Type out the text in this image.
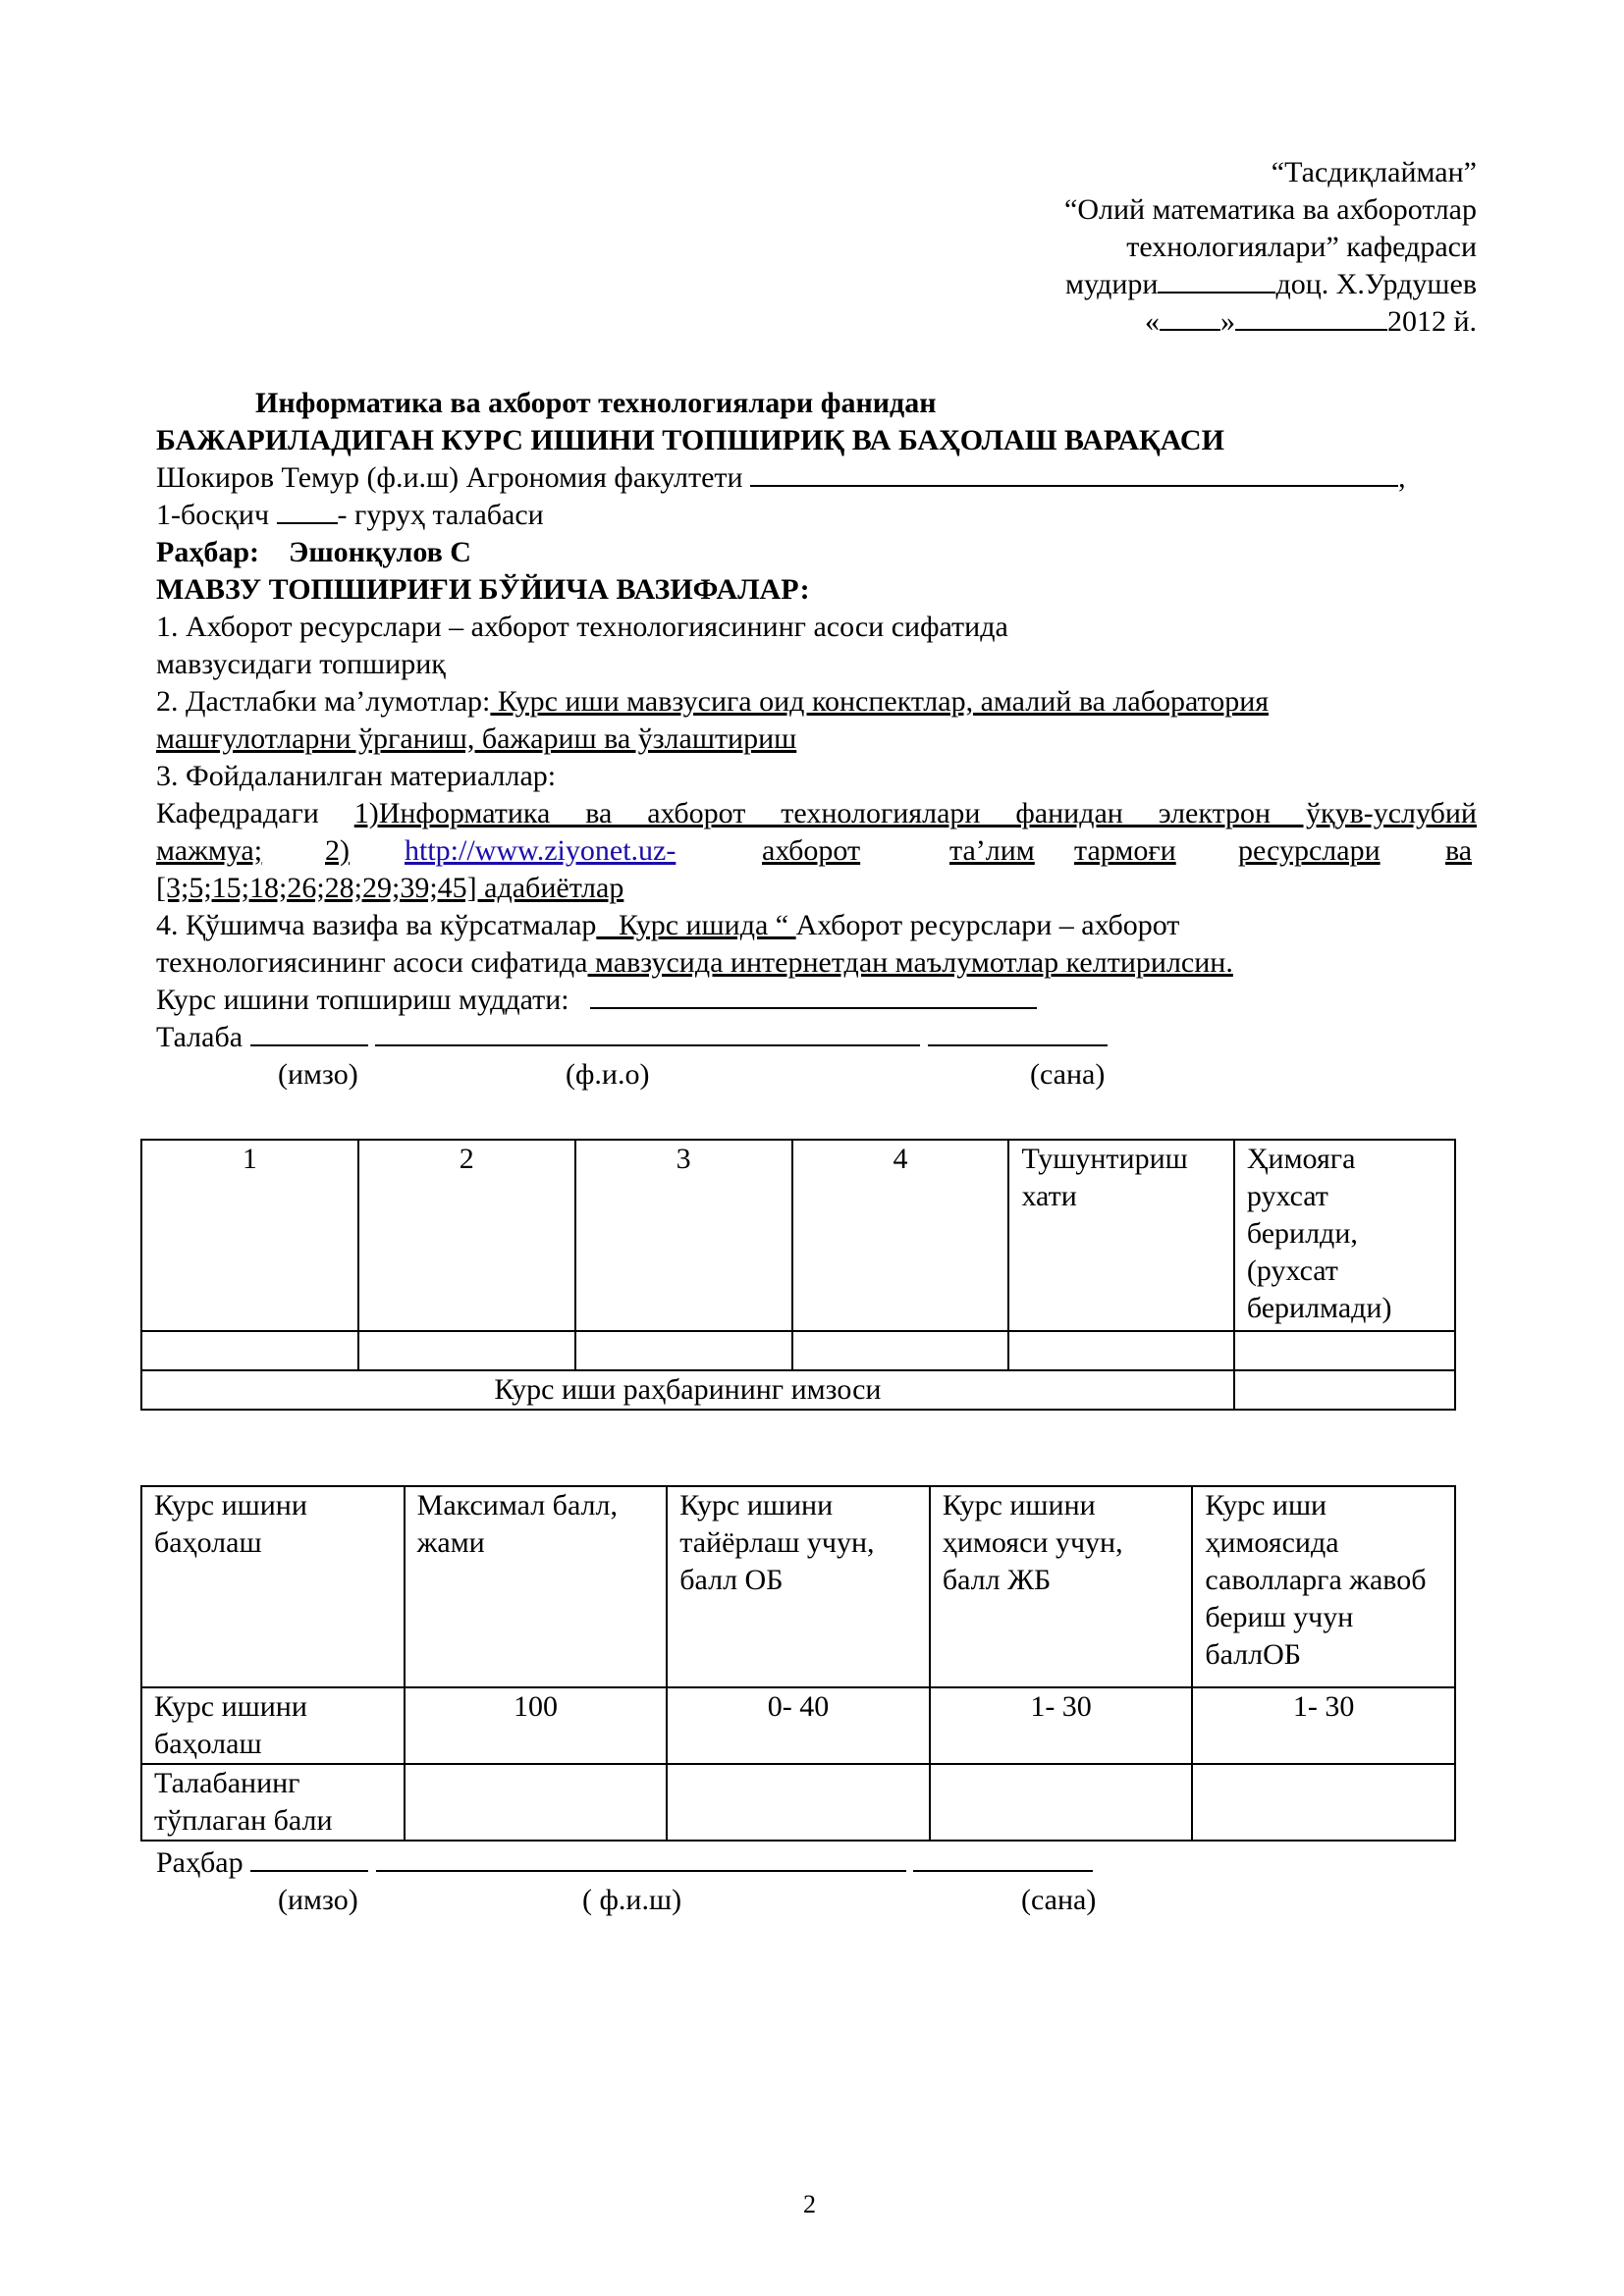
“Тасдиқлайман”
“Олий математика ва ахборотлар
технологиялари” кафедраси
мудири	доц. Х.Урдушев
« »	2012 й.
Информатика ва ахборот технологиялари фанидан
БАЖАРИЛАДИГАН КУРС ИШИНИ ТОПШИРИҚ ВА БАҲОЛАШ ВАРАҚАСИ
Шокиров Темур (ф.и.ш) Агрономия факултети	,
1-босқич - гуруҳ талабаси
Раҳбар: Эшонқулов С
МАВЗУ ТОПШИРИҒИ БЎЙИЧА ВАЗИФАЛАР:
1. Ахборот ресурслари – ахборот технологиясининг асоси сифатида
мавзусидаги топшириқ
2. Дастлабки ма’лумотлар: Курс иши мавзусига оид конспектлар, амалий ва лаборатория
машғулотларни ўрганиш, бажариш ва ўзлаштириш
3. Фойдаланилган материаллар:
Кафедрадаги 1)Информатика ва ахборот технологиялари фанидан электрон ўқув-услубий
мажмуа; 2) http://www.ziyonet.uz-	ахборот	та’лим тармоғи ресурслари ва
[3;5;15;18;26;28;29;39;45] адабиётлар
4. Қўшимча вазифа ва кўрсатмалар_ Курс ишида “ Ахборот ресурслари – ахборот
технологиясининг асоси сифатида мавзусида интернетдан маълумотлар келтирилсин.
Курс ишини топшириш муддати:
Талаба
(имзо)	(ф.и.о)	(сана)
1	2	3	4	Тушунтириш хати	Ҳимояга рухсат берилди, (рухсат берилмади)

Курс иши раҳбарининг имзоси					
Курс ишини баҳолаш	Максимал балл, жами	Курс ишини тайёрлаш учун, балл ОБ	Курс ишини ҳимояси учун, балл ЖБ	Курс иши ҳимоясида саволларга жавоб бериш учун баллОБ
Курс ишини баҳолаш	100	0- 40	1- 30	1- 30
Талабанинг тўплаган бали				
Раҳбар
(имзо)	( ф.и.ш)	(сана)
2
